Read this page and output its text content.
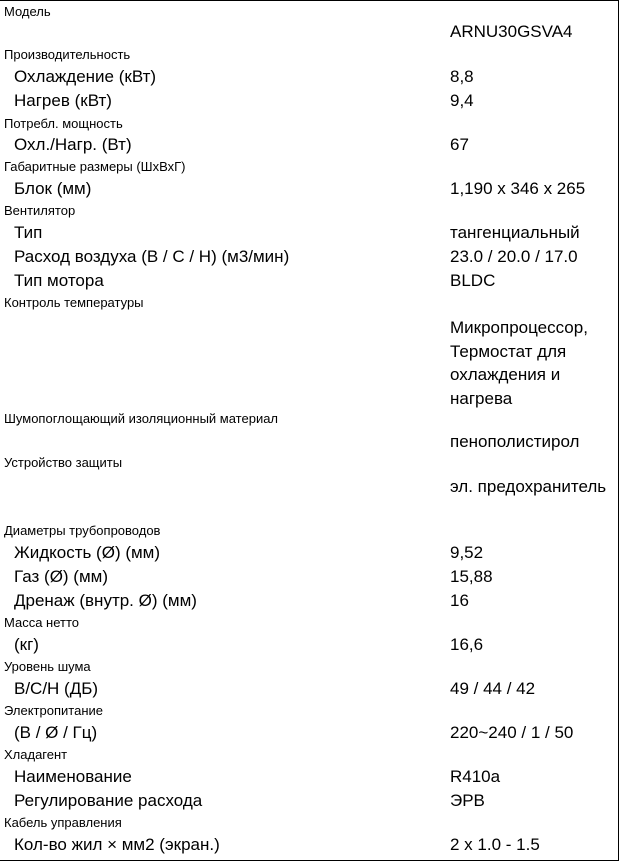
Модель
ARNU30GSVA4
Производительность
Охлаждение (кВт)	8,8
Нагрев (кВт)	9,4
Потребл. мощность
Охл./Нагр. (Вт)	67
Габаритные размеры (ШхВхГ)
Блок (мм)	1,190 x 346 x 265
Вентилятор
Тип	тангенциальный
Расход воздуха (В / С / Н) (м3/мин)	23.0 / 20.0 / 17.0
Тип мотора	BLDC
Контроль температуры
Микропроцессор, Термостат для охлаждения и нагрева
Шумопоглощающий изоляционный материал
пенополистирол
Устройство защиты
эл. предохранитель
Диаметры трубопроводов
Жидкость (Ø) (мм)	9,52
Газ (Ø) (мм)	15,88
Дренаж (внутр. Ø) (мм)	16
Масса нетто
(кг)	16,6
Уровень шума
В/С/Н (ДБ)	49 / 44 / 42
Электропитание
(В / Ø / Гц)	220~240 / 1 / 50
Хладагент
Наименование	R410a
Регулирование расхода	ЭРВ
Кабель управления
Кол-во жил × мм2 (экран.)	2 x 1.0 - 1.5
